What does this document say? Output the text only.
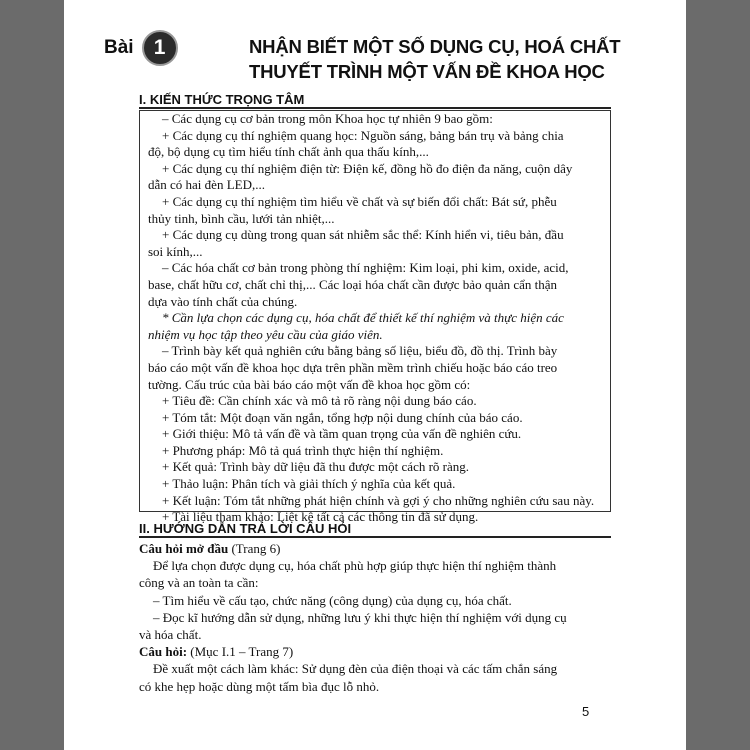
Bài 1	NHẬN BIẾT MỘT SỐ DỤNG CỤ, HOÁ CHẤT
THUYẾT TRÌNH MỘT VẤN ĐỀ KHOA HỌC
I. KIẾN THỨC TRỌNG TÂM
– Các dụng cụ cơ bản trong môn Khoa học tự nhiên 9 bao gồm:
+ Các dụng cụ thí nghiệm quang học: Nguồn sáng, bảng bán trụ và bảng chia
độ, bộ dụng cụ tìm hiểu tính chất ảnh qua thấu kính,...
+ Các dụng cụ thí nghiệm điện từ: Điện kế, đồng hồ đo điện đa năng, cuộn dây
dẫn có hai đèn LED,...
+ Các dụng cụ thí nghiệm tìm hiểu về chất và sự biến đổi chất: Bát sứ, phễu
thủy tinh, bình cầu, lưới tản nhiệt,...
+ Các dụng cụ dùng trong quan sát nhiễm sắc thể: Kính hiển vi, tiêu bản, đầu
soi kính,...
– Các hóa chất cơ bản trong phòng thí nghiệm: Kim loại, phi kim, oxide, acid,
base, chất hữu cơ, chất chỉ thị,... Các loại hóa chất cần được bảo quản cẩn thận
dựa vào tính chất của chúng.
* Cần lựa chọn các dụng cụ, hóa chất để thiết kế thí nghiệm và thực hiện các
nhiệm vụ học tập theo yêu cầu của giáo viên.
– Trình bày kết quả nghiên cứu bằng bảng số liệu, biểu đồ, đồ thị. Trình bày
báo cáo một vấn đề khoa học dựa trên phần mềm trình chiếu hoặc báo cáo treo
tường. Cấu trúc của bài báo cáo một vấn đề khoa học gồm có:
+ Tiêu đề: Cần chính xác và mô tả rõ ràng nội dung báo cáo.
+ Tóm tắt: Một đoạn văn ngắn, tổng hợp nội dung chính của báo cáo.
+ Giới thiệu: Mô tả vấn đề và tầm quan trọng của vấn đề nghiên cứu.
+ Phương pháp: Mô tả quá trình thực hiện thí nghiệm.
+ Kết quả: Trình bày dữ liệu đã thu được một cách rõ ràng.
+ Thảo luận: Phân tích và giải thích ý nghĩa của kết quả.
+ Kết luận: Tóm tắt những phát hiện chính và gợi ý cho những nghiên cứu sau này.
+ Tài liệu tham khảo: Liệt kê tất cả các thông tin đã sử dụng.
II. HƯỚNG DẪN TRẢ LỜI CÂU HỎI
Câu hỏi mở đầu (Trang 6)
Để lựa chọn được dụng cụ, hóa chất phù hợp giúp thực hiện thí nghiệm thành
công và an toàn ta cần:
– Tìm hiểu về cấu tạo, chức năng (công dụng) của dụng cụ, hóa chất.
– Đọc kĩ hướng dẫn sử dụng, những lưu ý khi thực hiện thí nghiệm với dụng cụ
và hóa chất.
Câu hỏi: (Mục I.1 – Trang 7)
Đề xuất một cách làm khác: Sử dụng đèn của điện thoại và các tấm chắn sáng
có khe hẹp hoặc dùng một tấm bìa đục lỗ nhỏ.
5
